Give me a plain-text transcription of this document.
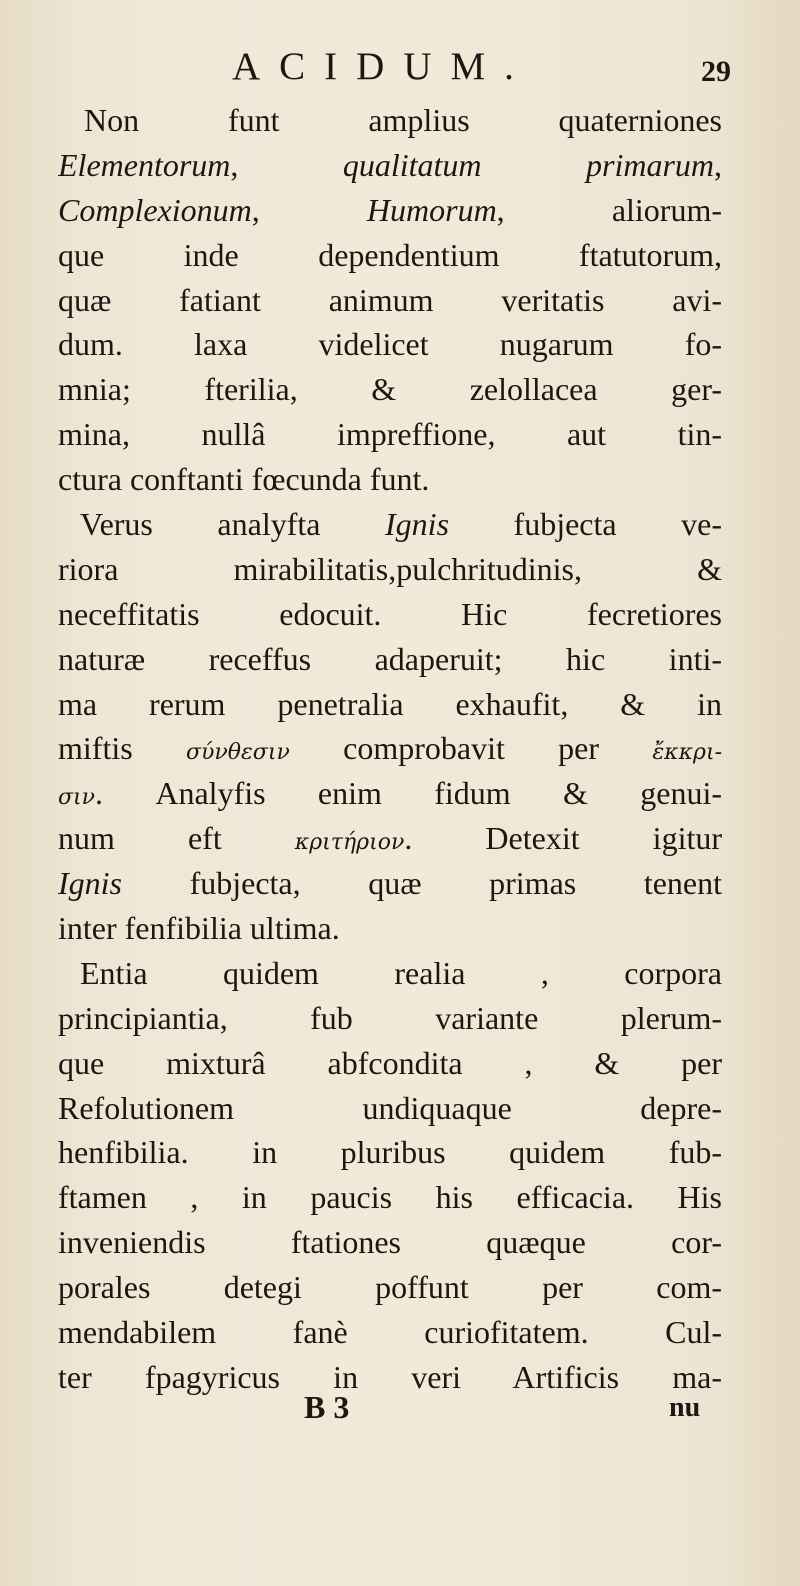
ACIDUM.	29
Non funt amplius quaterniones
Elementorum, qualitatum primarum,
Complexionum, Humorum, aliorum-
que inde dependentium ftatutorum,
quæ fatiant animum veritatis avi-
dum. laxa videlicet nugarum fo-
mnia; fterilia, & zelollacea ger-
mina, nullâ impreffione, aut tin-
ctura conftanti fœcunda funt.
Verus analyfta Ignis fubjecta ve-
riora mirabilitatis,pulchritudinis, &
neceffitatis edocuit. Hic fecretiores
naturæ receffus adaperuit; hic inti-
ma rerum penetralia exhaufit, & in
miftis σύνθεσιν comprobavit per ἔκκρι-
σιν. Analyfis enim fidum & genui-
num eft κριτήριον. Detexit igitur
Ignis fubjecta, quæ primas tenent
inter fenfibilia ultima.
Entia quidem realia , corpora
principiantia, fub variante plerum-
que mixturâ abfcondita , & per
Refolutionem undiquaque depre-
henfibilia. in pluribus quidem fub-
ftamen , in paucis his efficacia. His
inveniendis ftationes quæque cor-
porales detegi poffunt per com-
mendabilem fanè curiofitatem. Cul-
ter fpagyricus in veri Artificis ma-
B 3	nu
